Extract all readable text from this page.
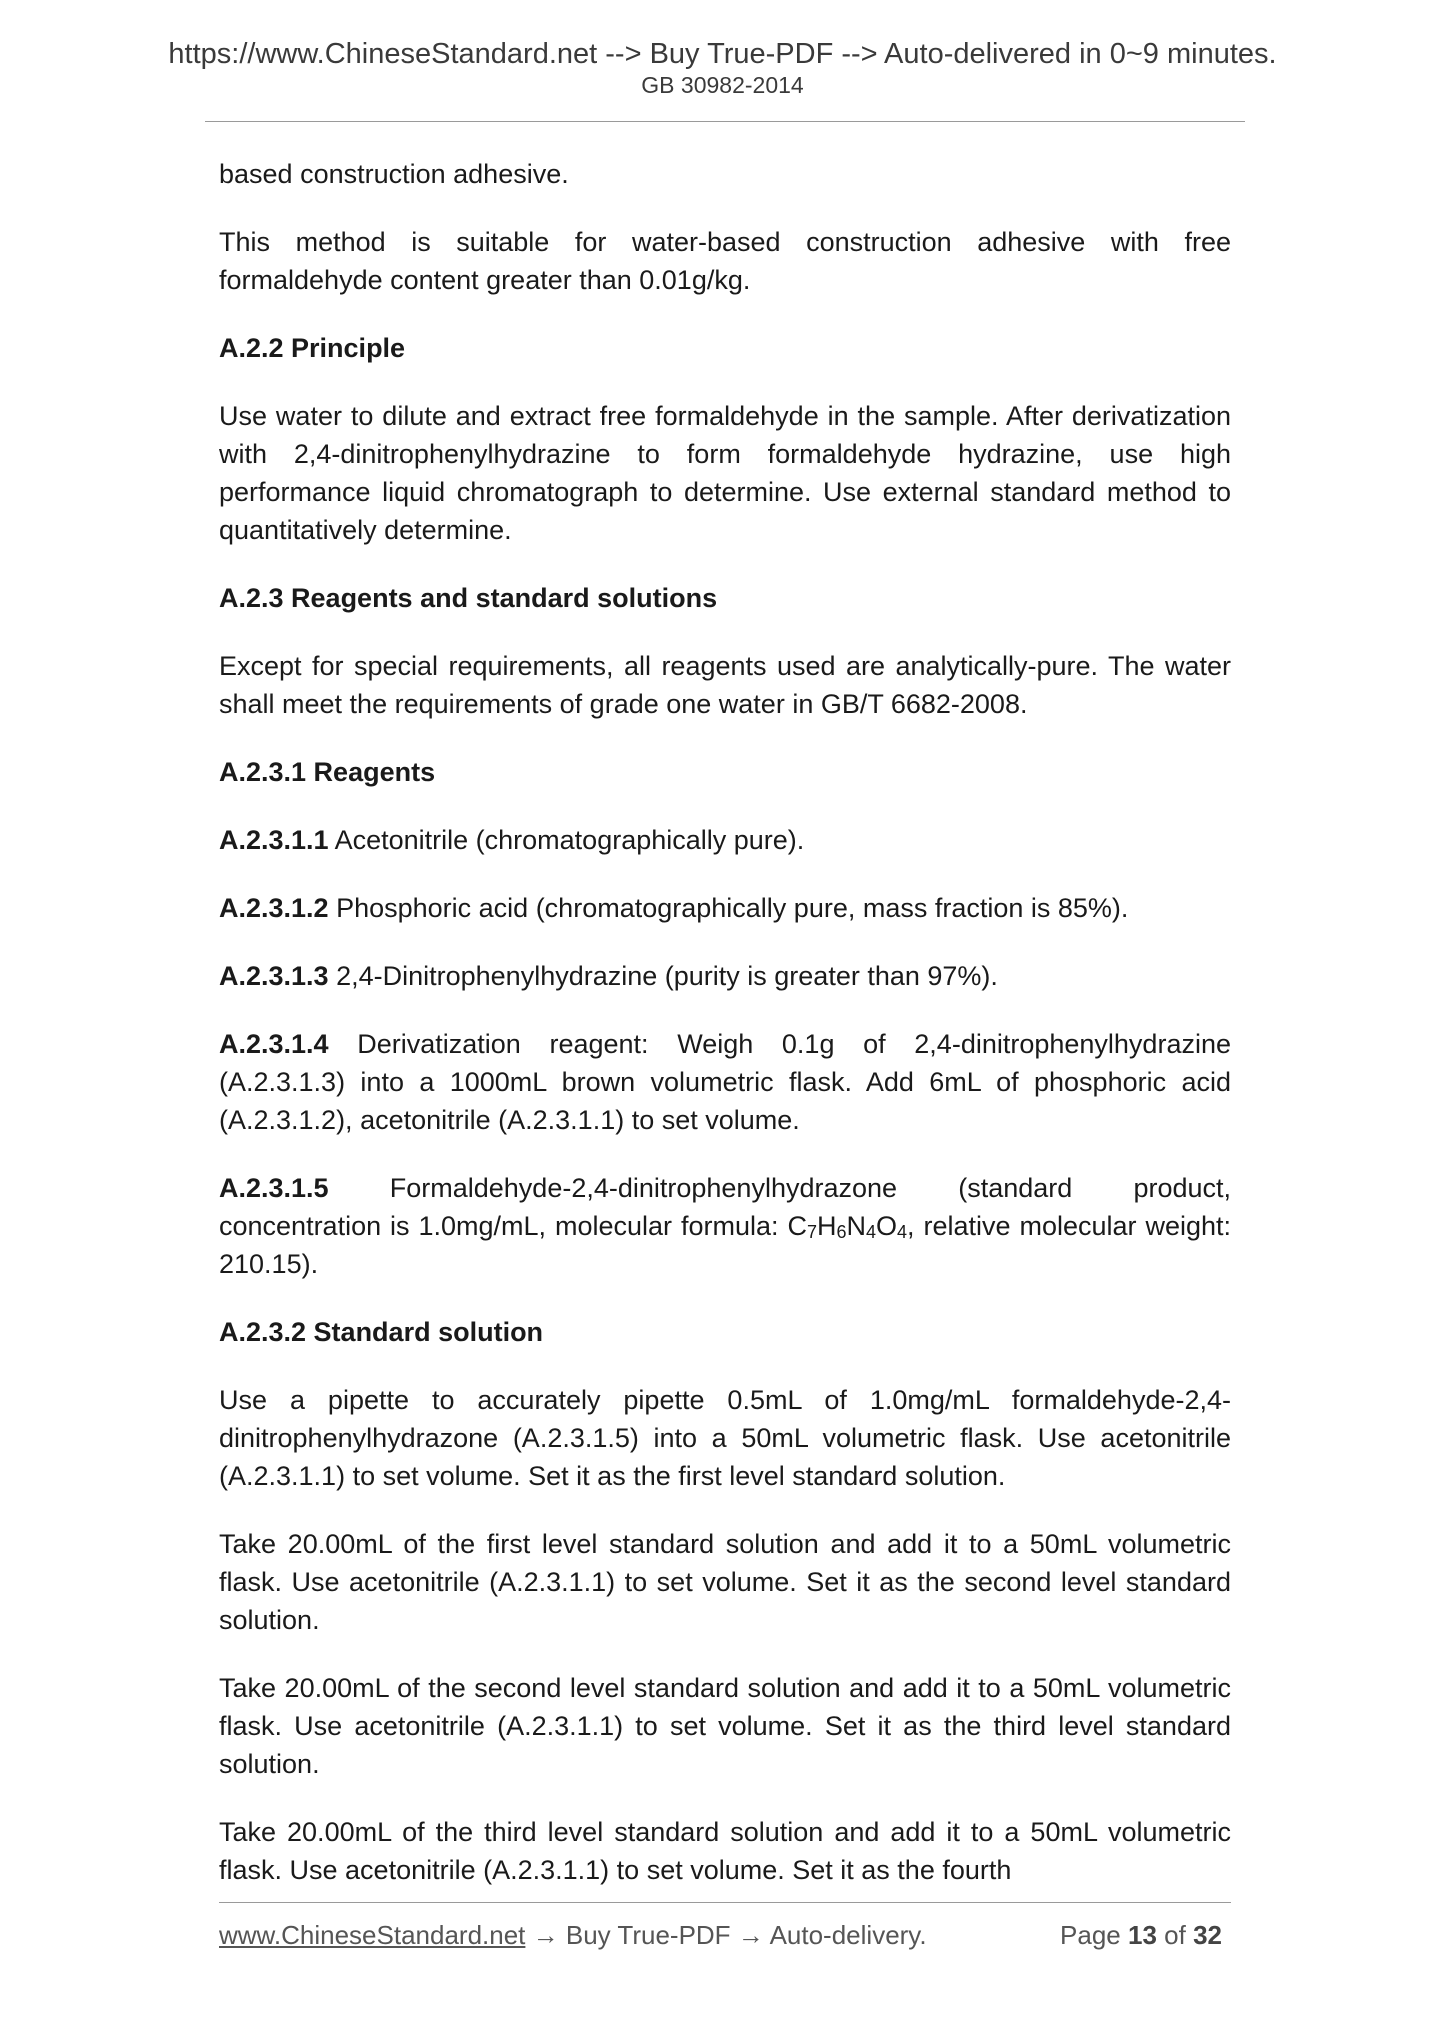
https://www.ChineseStandard.net --> Buy True-PDF --> Auto-delivered in 0~9 minutes.
GB 30982-2014

based construction adhesive.

This method is suitable for water-based construction adhesive with free formaldehyde content greater than 0.01g/kg.

A.2.2 Principle

Use water to dilute and extract free formaldehyde in the sample. After derivatization with 2,4-dinitrophenylhydrazine to form formaldehyde hydrazine, use high performance liquid chromatograph to determine. Use external standard method to quantitatively determine.

A.2.3 Reagents and standard solutions

Except for special requirements, all reagents used are analytically-pure. The water shall meet the requirements of grade one water in GB/T 6682-2008.

A.2.3.1 Reagents

A.2.3.1.1 Acetonitrile (chromatographically pure).

A.2.3.1.2 Phosphoric acid (chromatographically pure, mass fraction is 85%).

A.2.3.1.3 2,4-Dinitrophenylhydrazine (purity is greater than 97%).

A.2.3.1.4 Derivatization reagent: Weigh 0.1g of 2,4-dinitrophenylhydrazine (A.2.3.1.3) into a 1000mL brown volumetric flask. Add 6mL of phosphoric acid (A.2.3.1.2), acetonitrile (A.2.3.1.1) to set volume.

A.2.3.1.5 Formaldehyde-2,4-dinitrophenylhydrazone (standard product, concentration is 1.0mg/mL, molecular formula: $C_7H_6N_4O_4$, relative molecular weight: 210.15).

A.2.3.2 Standard solution

Use a pipette to accurately pipette 0.5mL of 1.0mg/mL formaldehyde-2,4-dinitrophenylhydrazone (A.2.3.1.5) into a 50mL volumetric flask. Use acetonitrile (A.2.3.1.1) to set volume. Set it as the first level standard solution.

Take 20.00mL of the first level standard solution and add it to a 50mL volumetric flask. Use acetonitrile (A.2.3.1.1) to set volume. Set it as the second level standard solution.

Take 20.00mL of the second level standard solution and add it to a 50mL volumetric flask. Use acetonitrile (A.2.3.1.1) to set volume. Set it as the third level standard solution.

Take 20.00mL of the third level standard solution and add it to a 50mL volumetric flask. Use acetonitrile (A.2.3.1.1) to set volume. Set it as the fourth

www.ChineseStandard.net → Buy True-PDF → Auto-delivery.	Page 13 of 32
